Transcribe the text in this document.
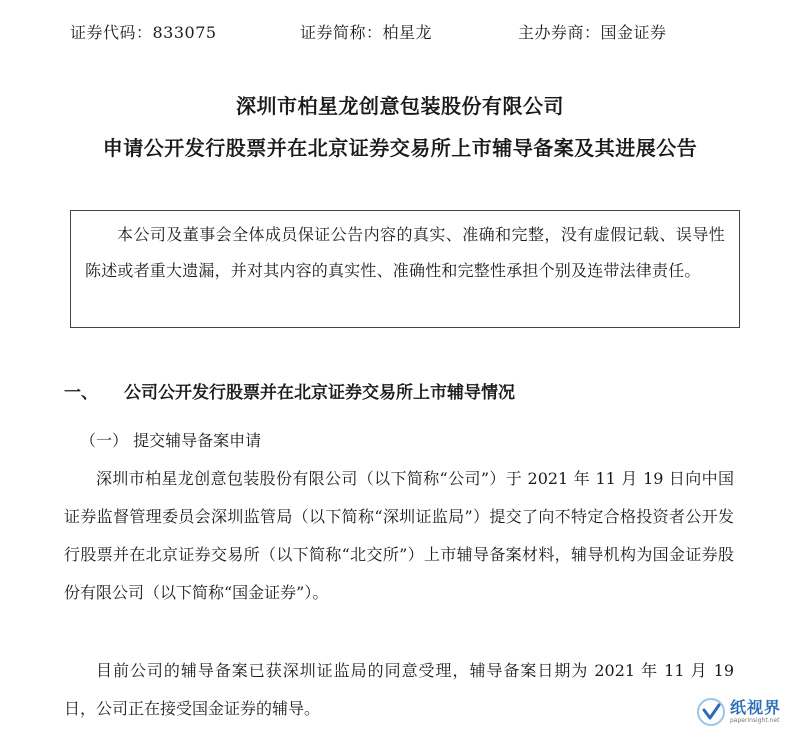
证券代码：833075	证券简称：柏星龙	主办券商：国金证券
深圳市柏星龙创意包装股份有限公司
申请公开发行股票并在北京证券交易所上市辅导备案及其进展公告

本公司及董事会全体成员保证公告内容的真实、准确和完整，没有虚假记载、误导性陈述或者重大遗漏，并对其内容的真实性、准确性和完整性承担个别及连带法律责任。

一、 公司公开发行股票并在北京证券交易所上市辅导情况
（一） 提交辅导备案申请

深圳市柏星龙创意包装股份有限公司（以下简称“公司”）于 2021 年 11 月 19 日向中国证券监督管理委员会深圳监管局（以下简称“深圳证监局”）提交了向不特定合格投资者公开发行股票并在北京证券交易所（以下简称“北交所”）上市辅导备案材料，辅导机构为国金证券股份有限公司（以下简称“国金证券”）。

目前公司的辅导备案已获深圳证监局的同意受理，辅导备案日期为 2021 年 11 月 19 日，公司正在接受国金证券的辅导。	纸视界
paperinsight.net
